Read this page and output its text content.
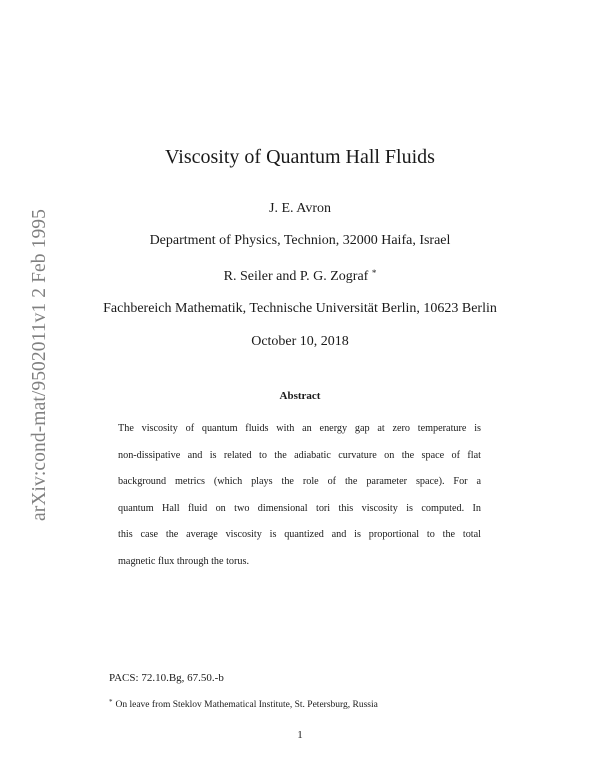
arXiv:cond-mat/9502011v1 2 Feb 1995
Viscosity of Quantum Hall Fluids
J. E. Avron
Department of Physics, Technion, 32000 Haifa, Israel
R. Seiler and P. G. Zograf *
Fachbereich Mathematik, Technische Universität Berlin, 10623 Berlin
October 10, 2018
Abstract
The viscosity of quantum fluids with an energy gap at zero temperature is
non-dissipative and is related to the adiabatic curvature on the space of flat
background metrics (which plays the role of the parameter space). For a
quantum Hall fluid on two dimensional tori this viscosity is computed. In
this case the average viscosity is quantized and is proportional to the total
magnetic flux through the torus.
PACS: 72.10.Bg, 67.50.-b
* On leave from Steklov Mathematical Institute, St. Petersburg, Russia
1
